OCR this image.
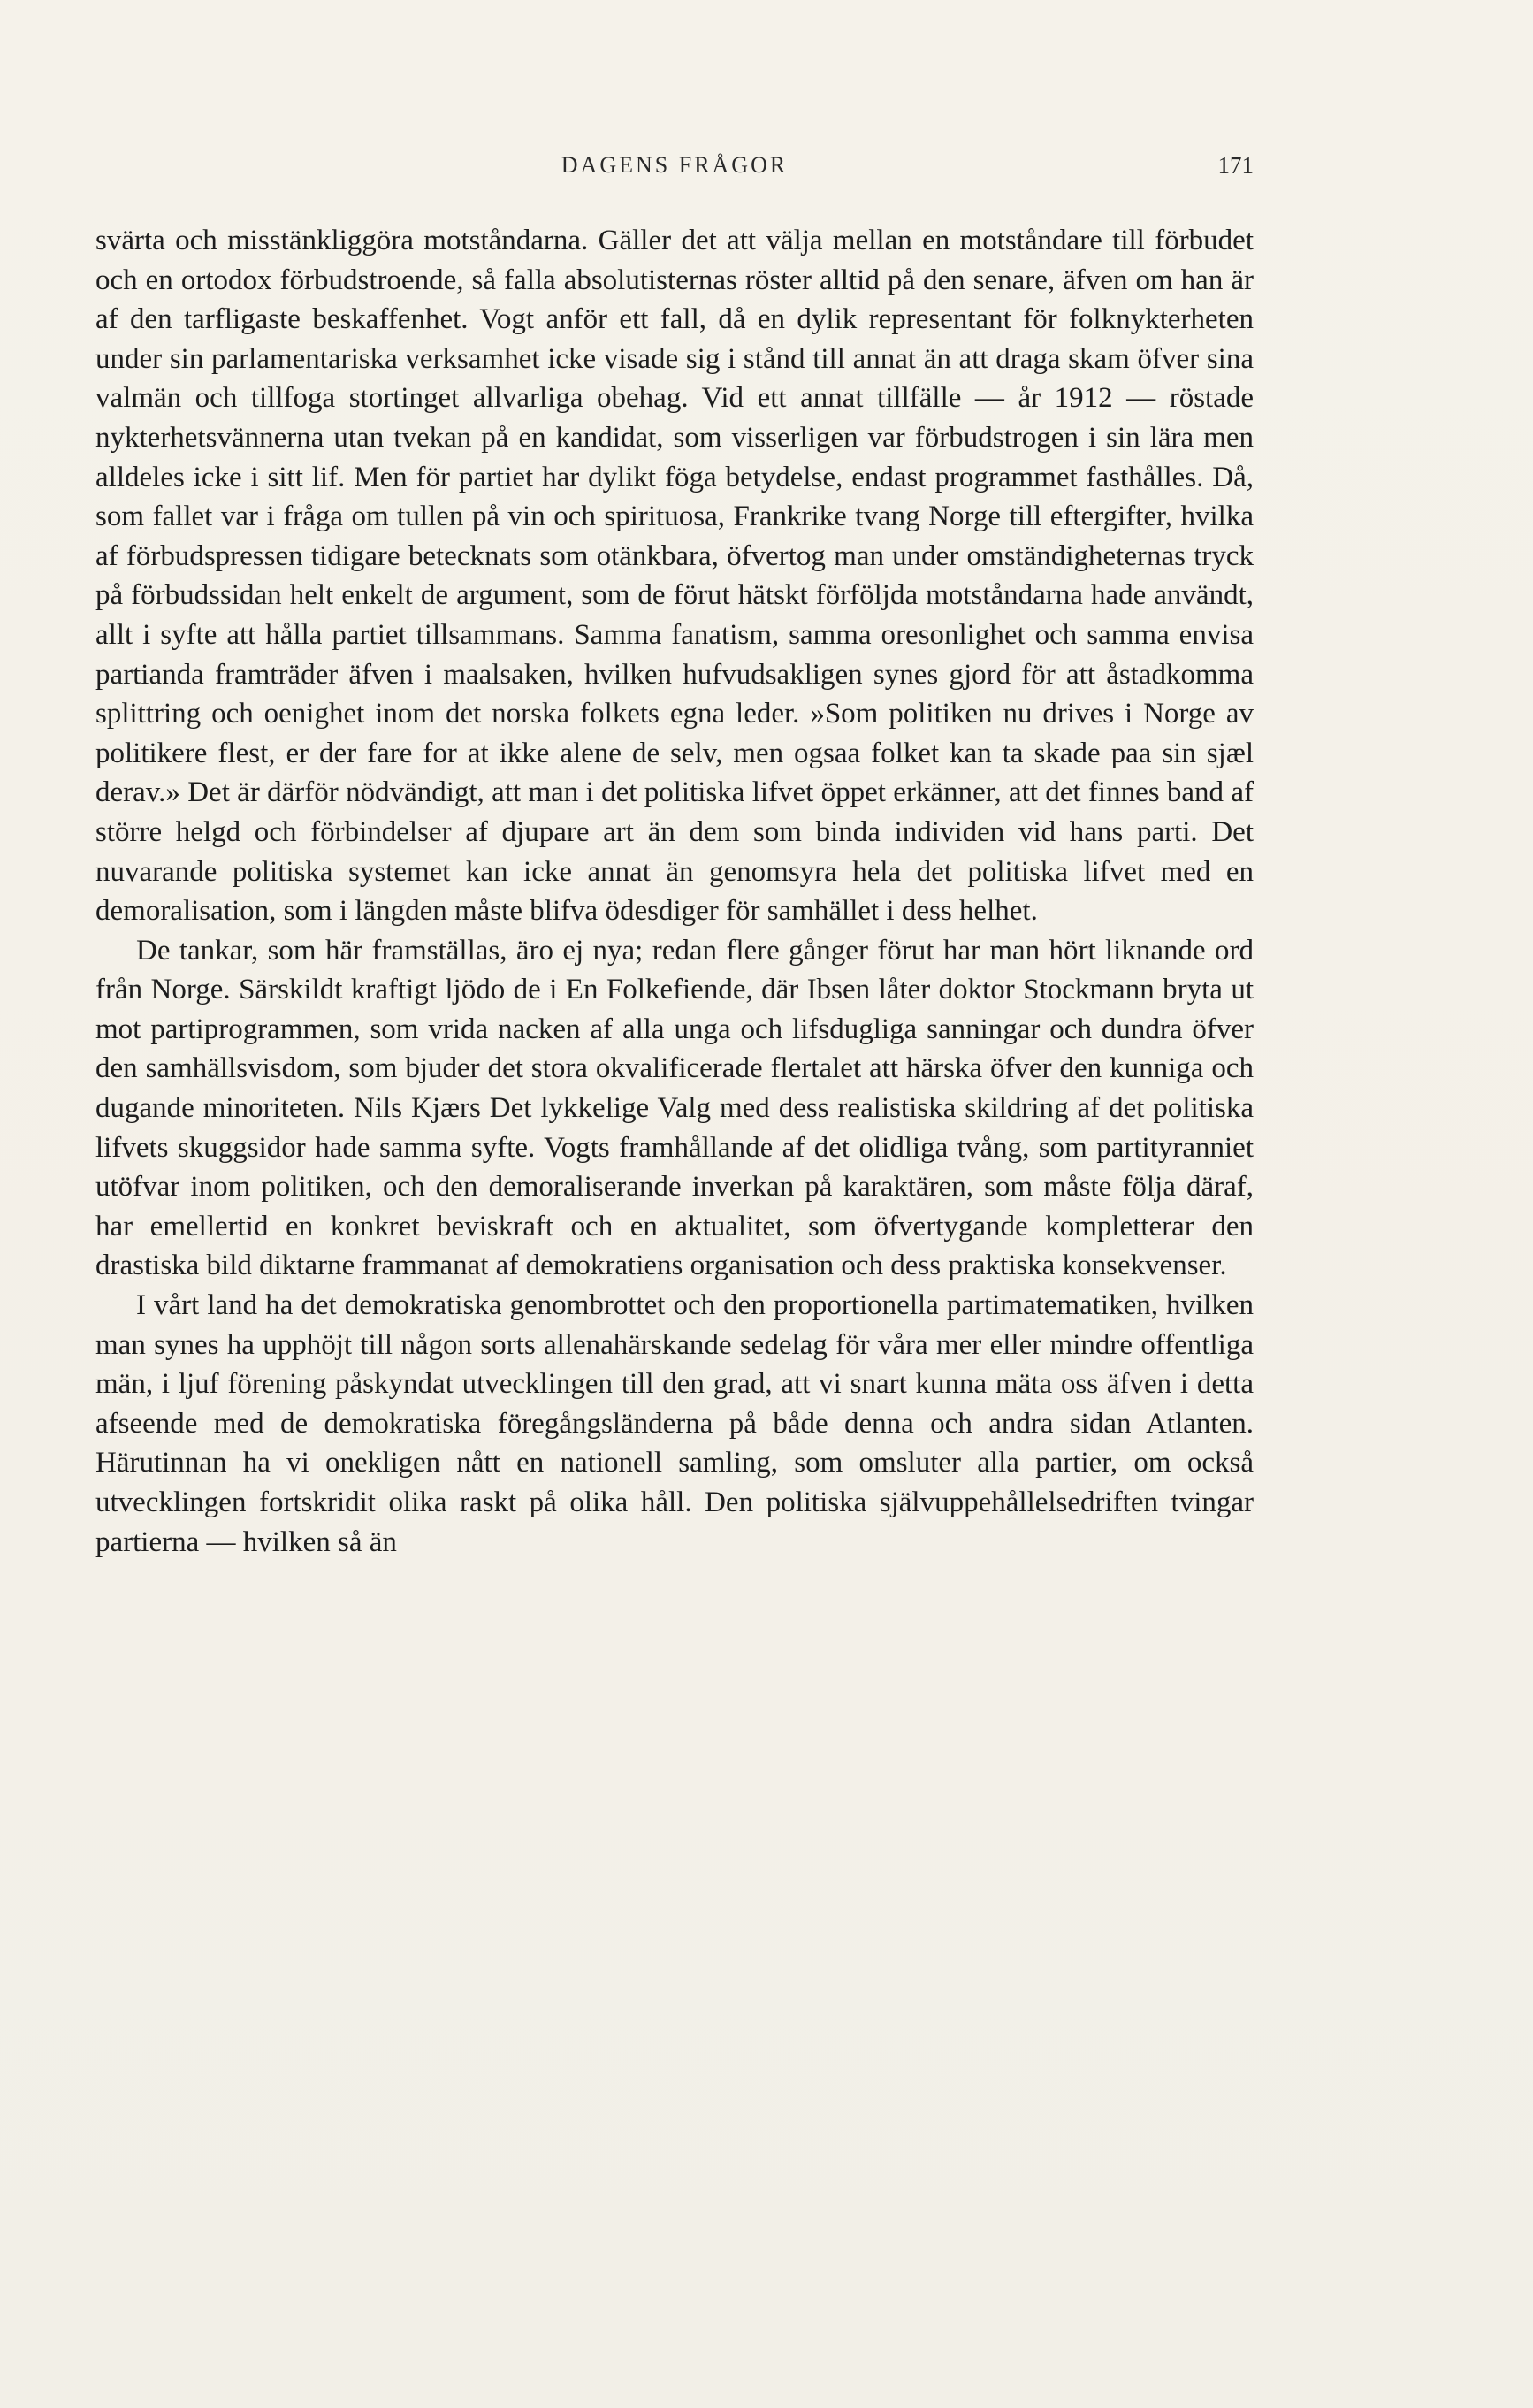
DAGENS FRÅGOR	171

svärta och misstänkliggöra motståndarna. Gäller det att välja mellan en motståndare till förbudet och en ortodox förbudstroende, så falla absolutisternas röster alltid på den senare, äfven om han är af den tarfligaste beskaffenhet. Vogt anför ett fall, då en dylik representant för folknykterheten under sin parlamentariska verksamhet icke visade sig i stånd till annat än att draga skam öfver sina valmän och tillfoga stortinget allvarliga obehag. Vid ett annat tillfälle — år 1912 — röstade nykterhetsvännerna utan tvekan på en kandidat, som visserligen var förbudstrogen i sin lära men alldeles icke i sitt lif. Men för partiet har dylikt föga betydelse, endast programmet fasthålles. Då, som fallet var i fråga om tullen på vin och spirituosa, Frankrike tvang Norge till eftergifter, hvilka af förbudspressen tidigare betecknats som otänkbara, öfvertog man under omständigheternas tryck på förbudssidan helt enkelt de argument, som de förut hätskt förföljda motståndarna hade användt, allt i syfte att hålla partiet tillsammans. Samma fanatism, samma oresonlighet och samma envisa partianda framträder äfven i maalsaken, hvilken hufvudsakligen synes gjord för att åstadkomma splittring och oenighet inom det norska folkets egna leder. »Som politiken nu drives i Norge av politikere flest, er der fare for at ikke alene de selv, men ogsaa folket kan ta skade paa sin sjæl derav.» Det är därför nödvändigt, att man i det politiska lifvet öppet erkänner, att det finnes band af större helgd och förbindelser af djupare art än dem som binda individen vid hans parti. Det nuvarande politiska systemet kan icke annat än genomsyra hela det politiska lifvet med en demoralisation, som i längden måste blifva ödesdiger för samhället i dess helhet.

De tankar, som här framställas, äro ej nya; redan flere gånger förut har man hört liknande ord från Norge. Särskildt kraftigt ljödo de i En Folkefiende, där Ibsen låter doktor Stockmann bryta ut mot partiprogrammen, som vrida nacken af alla unga och lifsdugliga sanningar och dundra öfver den samhällsvisdom, som bjuder det stora okvalificerade flertalet att härska öfver den kunniga och dugande minoriteten. Nils Kjærs Det lykkelige Valg med dess realistiska skildring af det politiska lifvets skuggsidor hade samma syfte. Vogts framhållande af det olidliga tvång, som partityranniet utöfvar inom politiken, och den demoraliserande inverkan på karaktären, som måste följa däraf, har emellertid en konkret beviskraft och en aktualitet, som öfvertygande kompletterar den drastiska bild diktarne frammanat af demokratiens organisation och dess praktiska konsekvenser.

I vårt land ha det demokratiska genombrottet och den proportionella partimatematiken, hvilken man synes ha upphöjt till någon sorts allenahärskande sedelag för våra mer eller mindre offentliga män, i ljuf förening påskyndat utvecklingen till den grad, att vi snart kunna mäta oss äfven i detta afseende med de demokratiska föregångsländerna på både denna och andra sidan Atlanten. Härutinnan ha vi onekligen nått en nationell samling, som omsluter alla partier, om också utvecklingen fortskridit olika raskt på olika håll. Den politiska självuppehållelsedriften tvingar partierna — hvilken så än
